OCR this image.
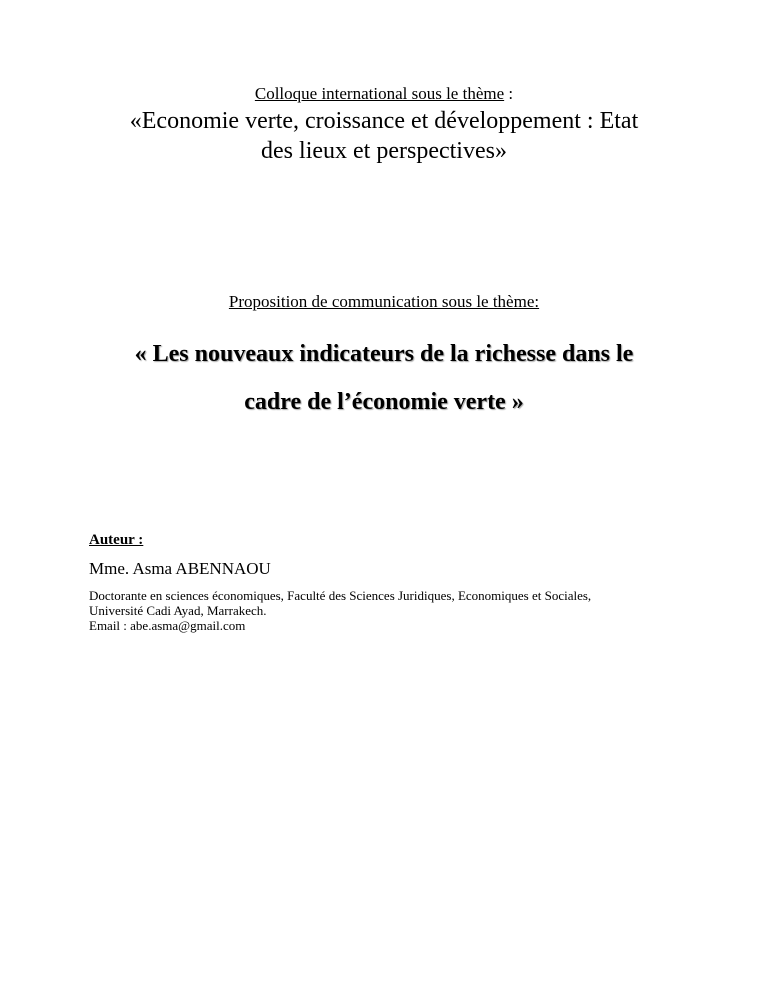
Colloque international sous le thème :
«Economie verte, croissance et développement : Etat
des lieux et perspectives»
Proposition de communication sous le thème:
« Les nouveaux indicateurs de la richesse dans le
cadre de l’économie verte »
Auteur :
Mme. Asma ABENNAOU
Doctorante en sciences économiques, Faculté des Sciences Juridiques, Economiques et Sociales,
Université Cadi Ayad, Marrakech.
Email : abe.asma@gmail.com
